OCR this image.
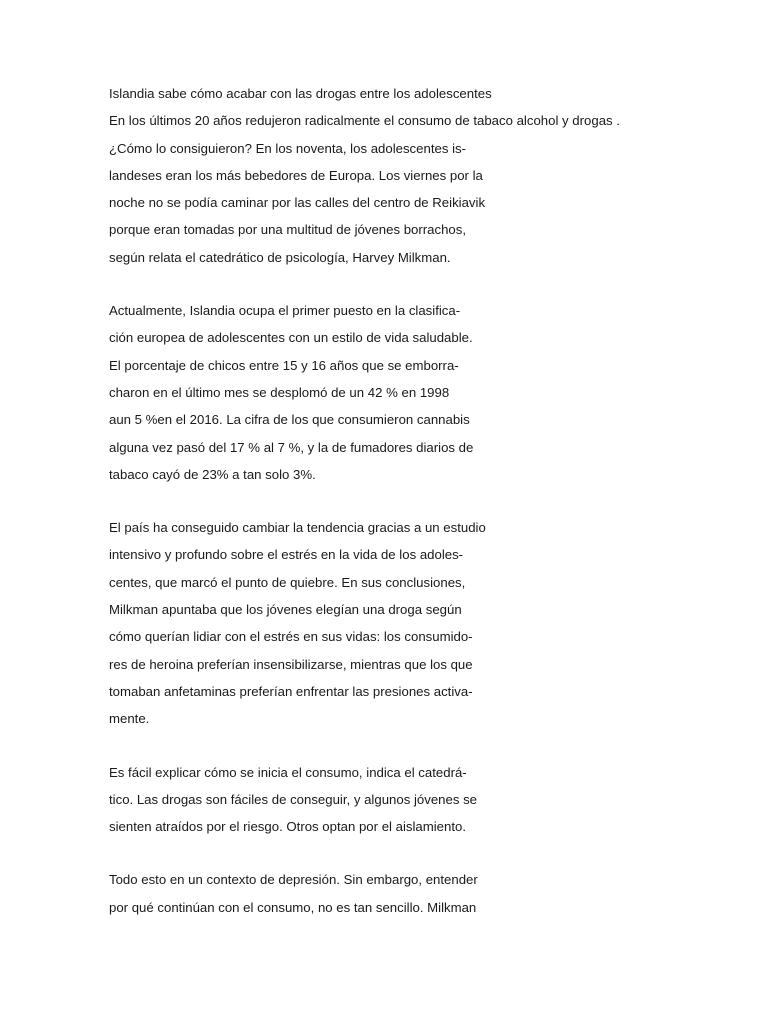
Islandia sabe cómo acabar con las drogas entre los adolescentes
En los últimos 20 años redujeron radicalmente el consumo de tabaco alcohol y drogas .
¿Cómo lo consiguieron? En los noventa, los adolescentes is-
landeses eran los más bebedores de Europa. Los viernes por la
noche no se podía caminar por las calles del centro de Reikiavik
porque eran tomadas por una multitud de jóvenes borrachos,
según relata el catedrático de psicología, Harvey Milkman.
Actualmente, Islandia ocupa el primer puesto en la clasifica-
ción europea de adolescentes con un estilo de vida saludable.
El porcentaje de chicos entre 15 y 16 años que se emborra-
charon en el último mes se desplomó de un 42 % en 1998
aun 5 %en el 2016. La cifra de los que consumieron cannabis
alguna vez pasó del 17 % al 7 %, y la de fumadores diarios de
tabaco cayó de 23% a tan solo 3%.
El país ha conseguido cambiar la tendencia gracias a un estudio
intensivo y profundo sobre el estrés en la vida de los adoles-
centes, que marcó el punto de quiebre. En sus conclusiones,
Milkman apuntaba que los jóvenes elegían una droga según
cómo querían lidiar con el estrés en sus vidas: los consumido-
res de heroina preferían insensibilizarse, mientras que los que
tomaban anfetaminas preferían enfrentar las presiones activa-
mente.
Es fácil explicar cómo se inicia el consumo, indica el catedrá-
tico. Las drogas son fáciles de conseguir, y algunos jóvenes se
sienten atraídos por el riesgo. Otros optan por el aislamiento.
Todo esto en un contexto de depresión. Sin embargo, entender
por qué continúan con el consumo, no es tan sencillo. Milkman
